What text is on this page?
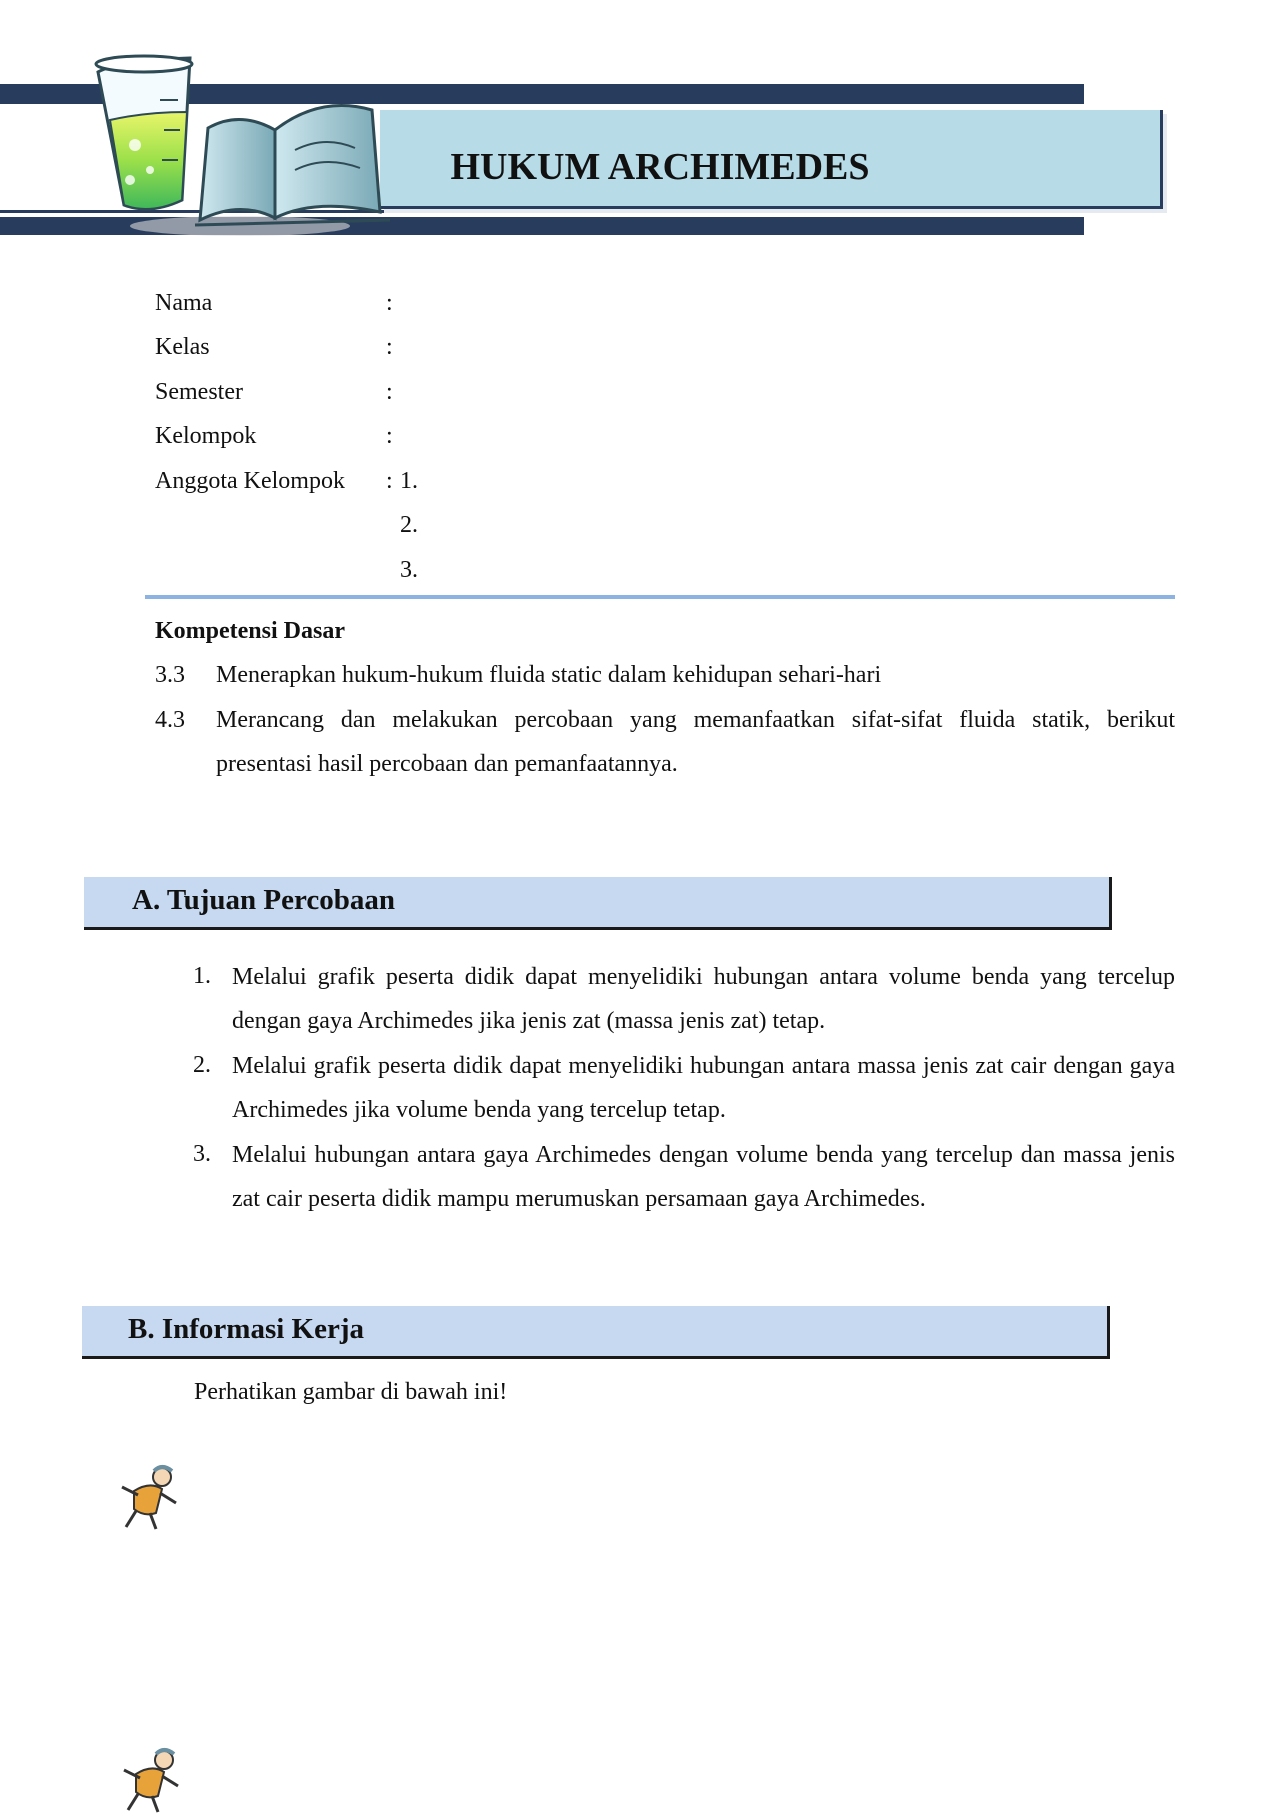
HUKUM ARCHIMEDES
Nama	:
Kelas	:
Semester	:
Kelompok	:
Anggota Kelompok : 1.
2.
3.
Kompetensi Dasar
3.3 Menerapkan hukum-hukum fluida static dalam kehidupan sehari-hari
4.3 Merancang dan melakukan percobaan yang memanfaatkan sifat-sifat fluida statik, berikut presentasi hasil percobaan dan pemanfaatannya.
A. Tujuan Percobaan
1. Melalui grafik peserta didik dapat menyelidiki hubungan antara volume benda yang tercelup dengan gaya Archimedes jika jenis zat (massa jenis zat) tetap.
2. Melalui grafik peserta didik dapat menyelidiki hubungan antara massa jenis zat cair dengan gaya Archimedes jika volume benda yang tercelup tetap.
3. Melalui hubungan antara gaya Archimedes dengan volume benda yang tercelup dan massa jenis zat cair peserta didik mampu merumuskan persamaan gaya Archimedes.
B. Informasi Kerja
Perhatikan gambar di bawah ini!
